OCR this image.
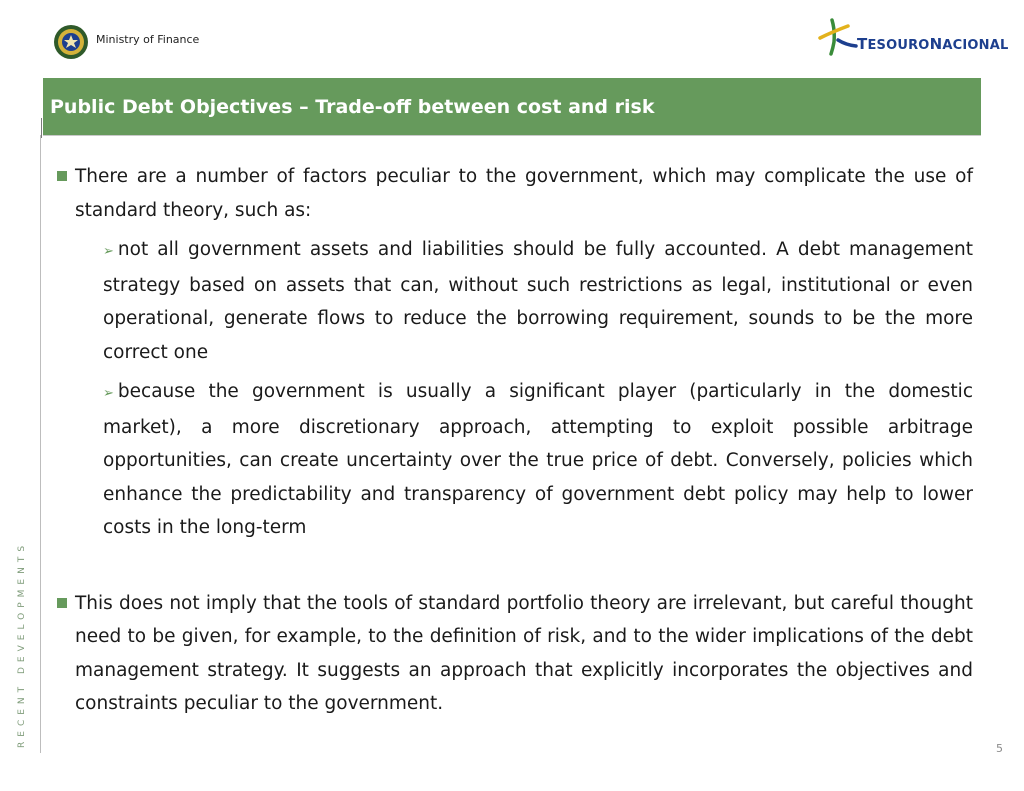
Ministry of Finance	TESOURONACIONAL
Public Debt Objectives – Trade-off between cost and risk
RECENT DEVELOPMENTS
There are a number of factors peculiar to the government, which may complicate the use of standard theory, such as:
➢ not all government assets and liabilities should be fully accounted. A debt management strategy based on assets that can, without such restrictions as legal, institutional or even operational, generate flows to reduce the borrowing requirement, sounds to be the more correct one
➢ because the government is usually a significant player (particularly in the domestic market), a more discretionary approach, attempting to exploit possible arbitrage opportunities, can create uncertainty over the true price of debt. Conversely, policies which enhance the predictability and transparency of government debt policy may help to lower costs in the long-term
This does not imply that the tools of standard portfolio theory are irrelevant, but careful thought need to be given, for example, to the definition of risk, and to the wider implications of the debt management strategy. It suggests an approach that explicitly incorporates the objectives and constraints peculiar to the government.
5
